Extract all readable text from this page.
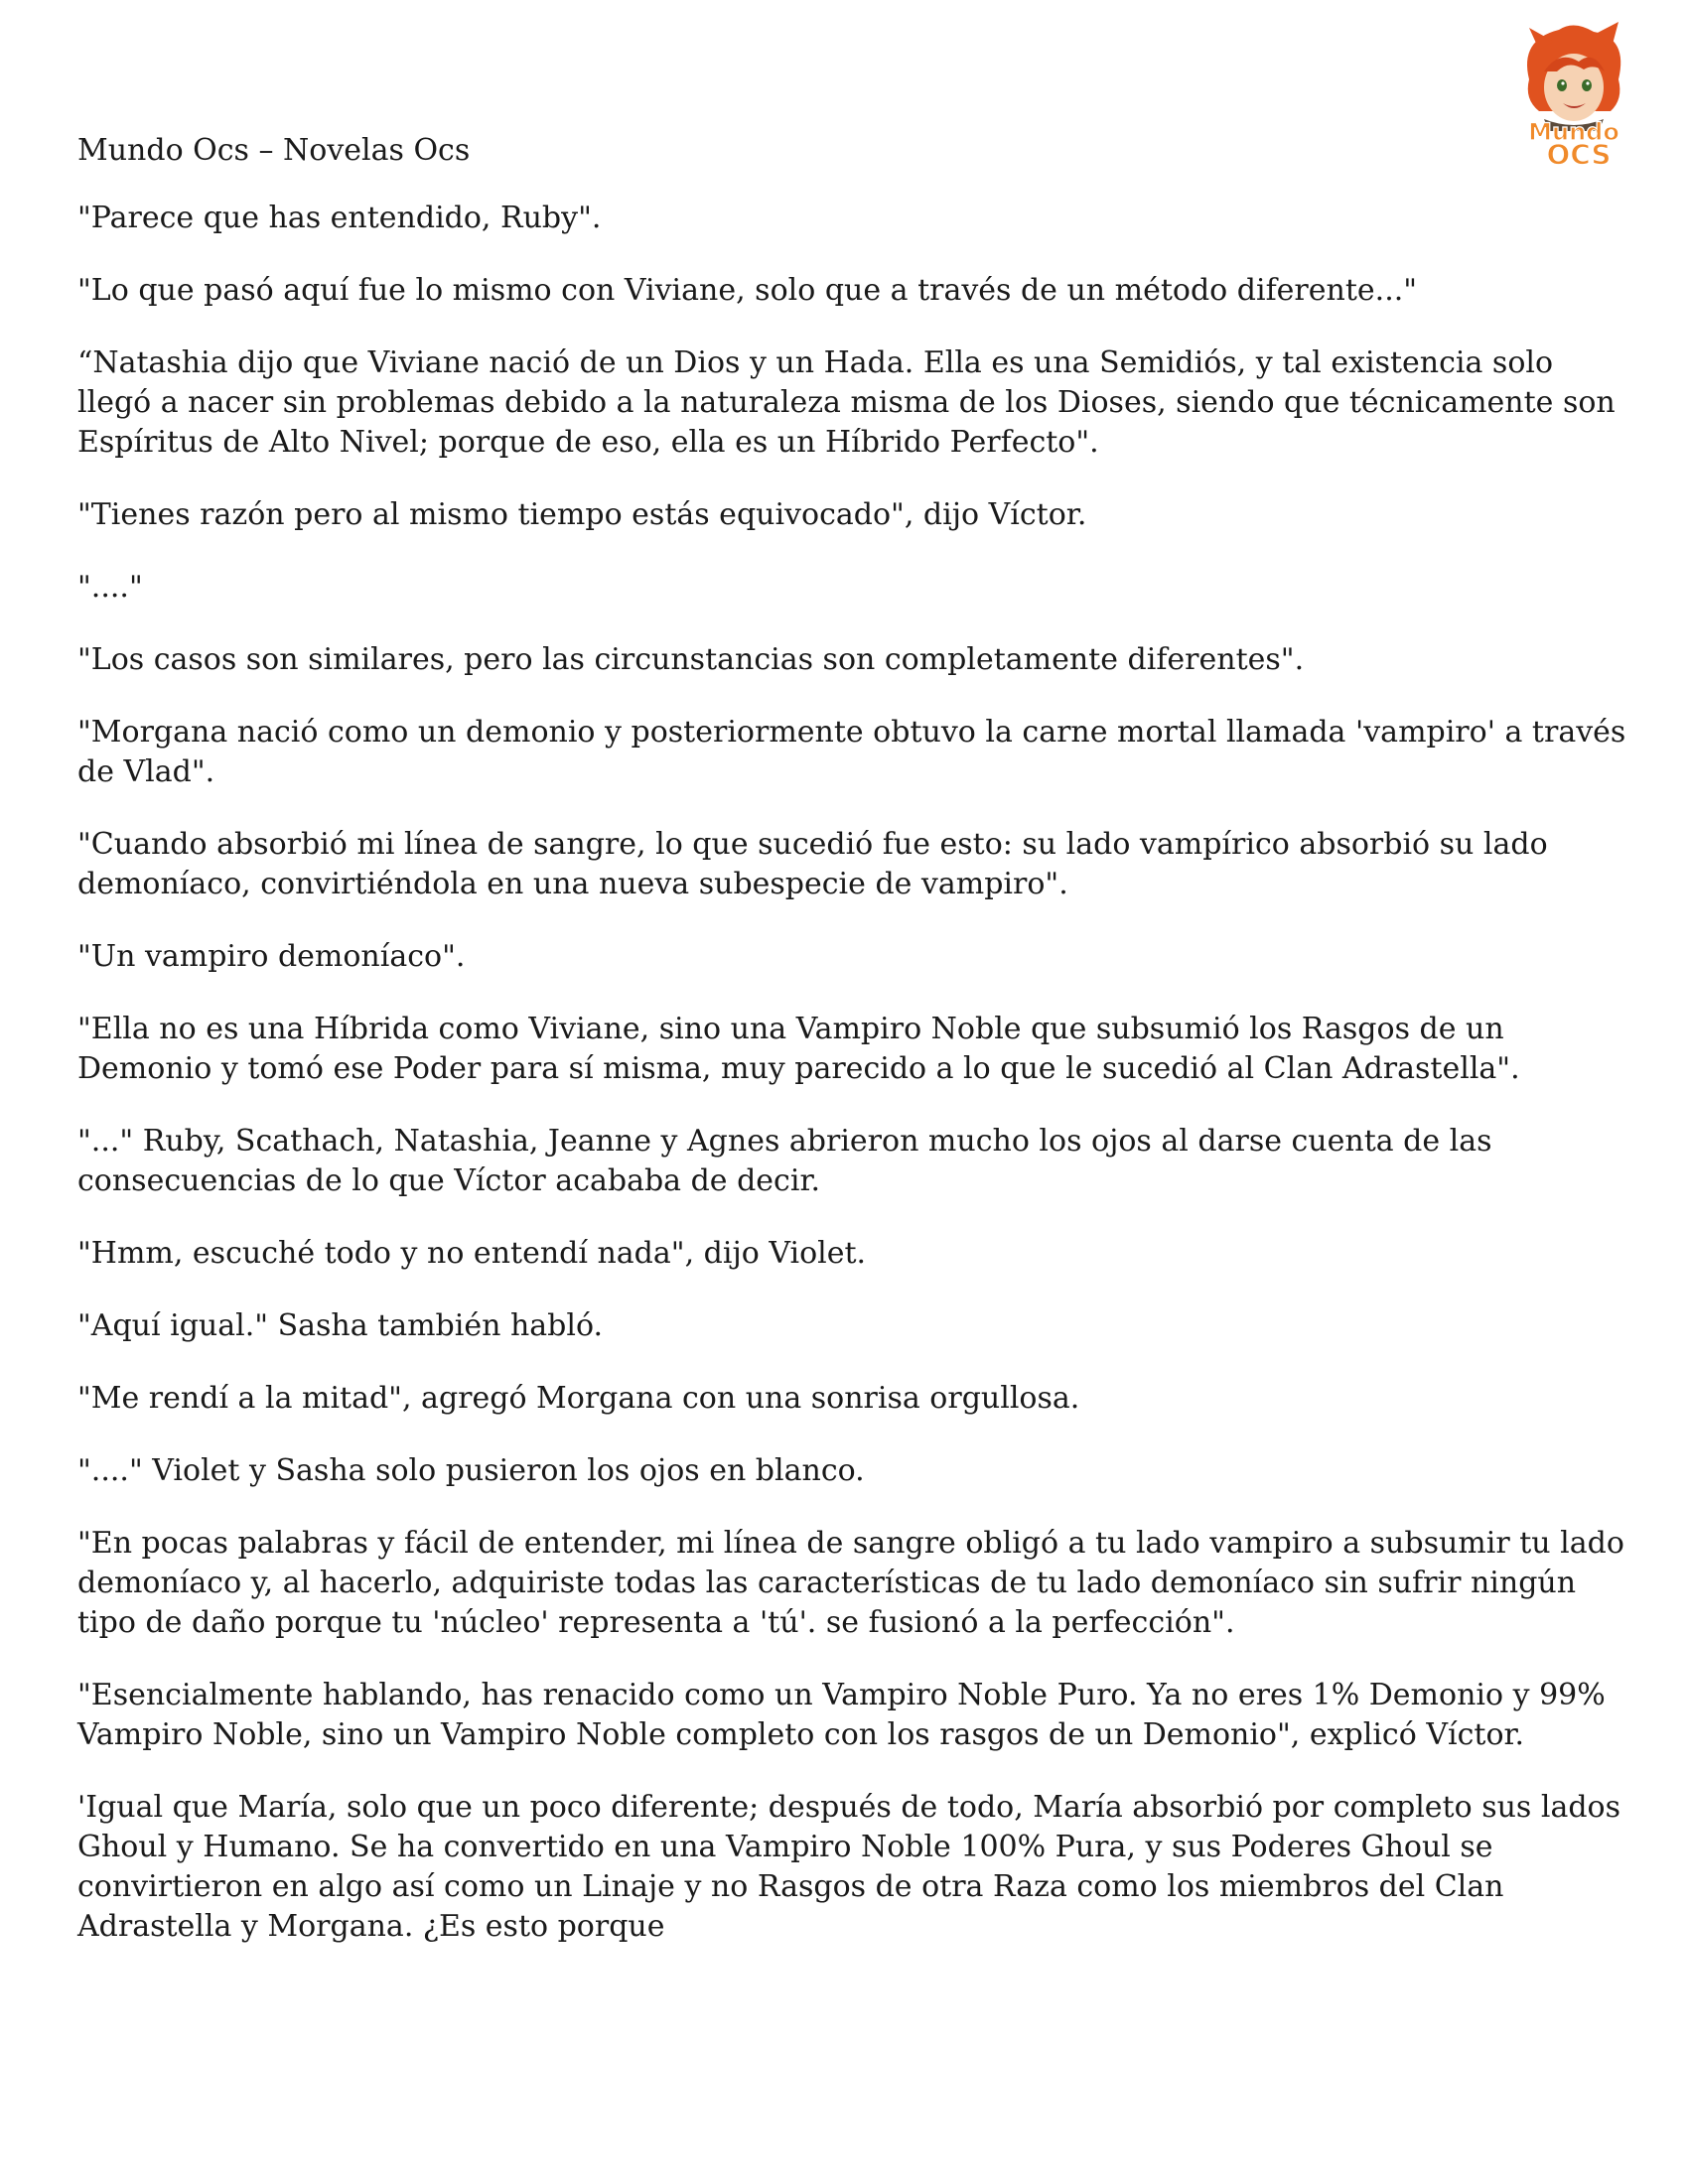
Mundo
OCS
Mundo Ocs – Novelas Ocs

"Parece que has entendido, Ruby".

"Lo que pasó aquí fue lo mismo con Viviane, solo que a través de un método diferente..."

“Natashia dijo que Viviane nació de un Dios y un Hada. Ella es una Semidiós, y tal existencia solo llegó a nacer sin problemas debido a la naturaleza misma de los Dioses, siendo que técnicamente son Espíritus de Alto Nivel; porque de eso, ella es un Híbrido Perfecto".

"Tienes razón pero al mismo tiempo estás equivocado", dijo Víctor.

"...."

"Los casos son similares, pero las circunstancias son completamente diferentes".

"Morgana nació como un demonio y posteriormente obtuvo la carne mortal llamada 'vampiro' a través de Vlad".

"Cuando absorbió mi línea de sangre, lo que sucedió fue esto: su lado vampírico absorbió su lado demoníaco, convirtiéndola en una nueva subespecie de vampiro".

"Un vampiro demoníaco".

"Ella no es una Híbrida como Viviane, sino una Vampiro Noble que subsumió los Rasgos de un Demonio y tomó ese Poder para sí misma, muy parecido a lo que le sucedió al Clan Adrastella".

"..." Ruby, Scathach, Natashia, Jeanne y Agnes abrieron mucho los ojos al darse cuenta de las consecuencias de lo que Víctor acababa de decir.

"Hmm, escuché todo y no entendí nada", dijo Violet.

"Aquí igual." Sasha también habló.

"Me rendí a la mitad", agregó Morgana con una sonrisa orgullosa.

"...." Violet y Sasha solo pusieron los ojos en blanco.

"En pocas palabras y fácil de entender, mi línea de sangre obligó a tu lado vampiro a subsumir tu lado demoníaco y, al hacerlo, adquiriste todas las características de tu lado demoníaco sin sufrir ningún tipo de daño porque tu 'núcleo' representa a 'tú'. se fusionó a la perfección".

"Esencialmente hablando, has renacido como un Vampiro Noble Puro. Ya no eres 1% Demonio y 99% Vampiro Noble, sino un Vampiro Noble completo con los rasgos de un Demonio", explicó Víctor.

'Igual que María, solo que un poco diferente; después de todo, María absorbió por completo sus lados Ghoul y Humano. Se ha convertido en una Vampiro Noble 100% Pura, y sus Poderes Ghoul se convirtieron en algo así como un Linaje y no Rasgos de otra Raza como los miembros del Clan Adrastella y Morgana. ¿Es esto porque
